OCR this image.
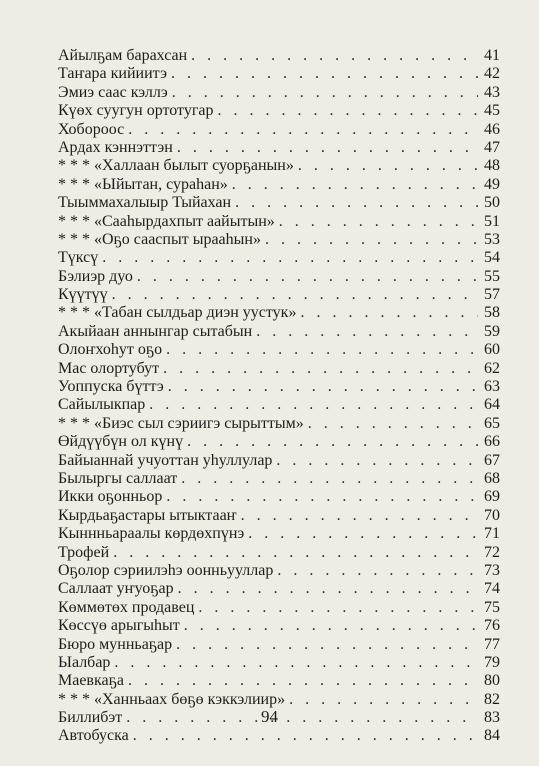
Айылҕам барахсан . . .	41
Таҥара кийиитэ . . .	42
Эмиэ саас кэллэ . . .	43
Күөх суугун ортотугар . . .	45
Хобороос . . .	46
Ардах кэннэттэн . . .	47
* * * «Халлаан былыт суорҕанын» . . .	48
* * * «Ыйытан, сураһан» . . .	49
Тыыммахалыыр Тыйахан . . .	50
* * * «Сааһырдахпыт аайытын» . . .	51
* * * «Оҕо сааспыт ырааһын» . . .	53
Түксү . . .	54
Бэлиэр дуо . . .	55
Күүтүү . . .	57
* * * «Табан сылдьар диэн уустук» . . .	58
Акыйаан аннынгар сытабын . . .	59
Олоҥхоһут оҕо . . .	60
Мас олортубут . . .	62
Уоппуска бүттэ . . .	63
Сайылыкпар . . .	64
* * * «Биэс сыл сэриигэ сырыттым» . . .	65
Өйдүүбүн ол күнү . . .	66
Байыаннай учуоттан уһуллулар . . .	67
Былыргы саллаат . . .	68
Икки оҕонньор . . .	69
Кырдьаҕастары ытыктааҥ . . .	70
Кыннньараалы көрдөхпүнэ . . .	71
Трофей . . .	72
Оҕолор сэриилэһэ оонньууллар . . .	73
Саллаат уҥуоҕар . . .	74
Көммөтөх продавец . . .	75
Көссүө арыгыһыт . . .	76
Бюро мунньаҕар . . .	77
Ыалбар . . .	79
Маевкаҕа . . .	80
* * * «Ханньаах бөҕө кэккэлиир» . . .	82
Биллибэт . . .	83
Автобуска . . .	84
94
